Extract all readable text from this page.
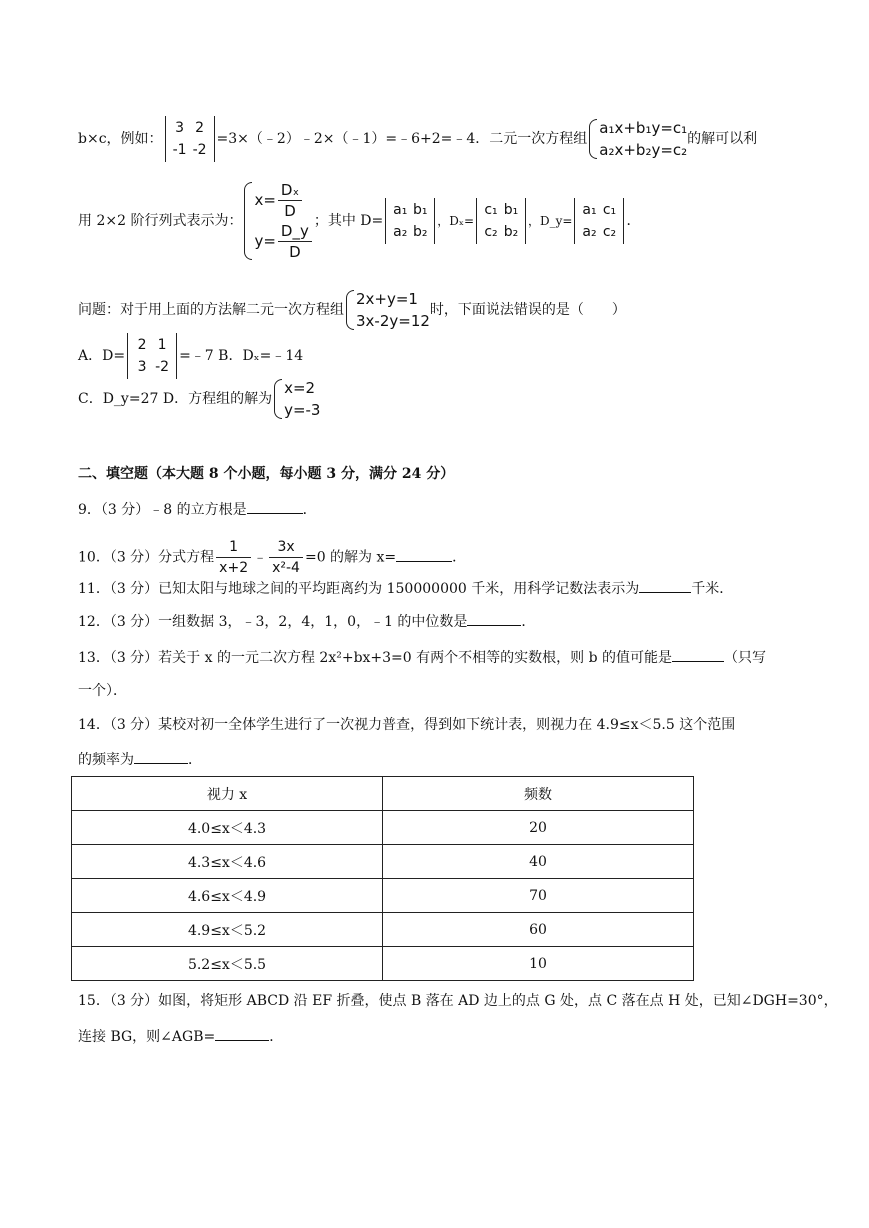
b×c，例如：
3 2
-1 -2
=3×（﹣2）﹣2×（﹣1）=﹣6+2=﹣4．二元一次方程组
a₁x+b₁y=c₁
a₂x+b₂y=c₂
的解可以利
用 2×2 阶行列式表示为：
$x= \frac{\text{Dₓ}}{D}$
$y= \frac{D\_y}{D}$ ；其中 D=
a₁ b₁
a₂ b₂
，Dₓ=
c₁ b₁
c₂ b₂
，D_y=
a₁ c₁
a₂ c₂
．
问题：对于用上面的方法解二元一次方程组
2x+y=1
3x-2y=12
时，下面说法错误的是（　　）
A．D=
2 1
3 -2
=﹣7 B．Dₓ=﹣14
C．D_y=27 D．方程组的解为
x=2
y=-3
二、填空题（本大题 8 个小题，每小题 3 分，满分 24 分）
9．（3 分）﹣8 的立方根是	．
10．（3 分）分式方程 $\frac{1}{x+2}$ ﹣ $\frac{3x}{\text{x²-4}} =0$ 的解为 x=	．
11．（3 分）已知太阳与地球之间的平均距离约为 150000000 千米，用科学记数法表示为	千米．
12．（3 分）一组数据 3，﹣3，2，4，1，0，﹣1 的中位数是	．
13．（3 分）若关于 x 的一元二次方程 2x²+bx+3=0 有两个不相等的实数根，则 b 的值可能是	（只写
一个）．
14．（3 分）某校对初一全体学生进行了一次视力普查，得到如下统计表，则视力在 4.9≤x＜5.5 这个范围
的频率为	．
视力 x	频数
4.0≤x＜4.3	20
4.3≤x＜4.6	40
4.6≤x＜4.9	70
4.9≤x＜5.2	60
5.2≤x＜5.5	10
15．（3 分）如图，将矩形 ABCD 沿 EF 折叠，使点 B 落在 AD 边上的点 G 处，点 C 落在点 H 处，已知∠DGH=30°，
连接 BG，则∠AGB=	．
